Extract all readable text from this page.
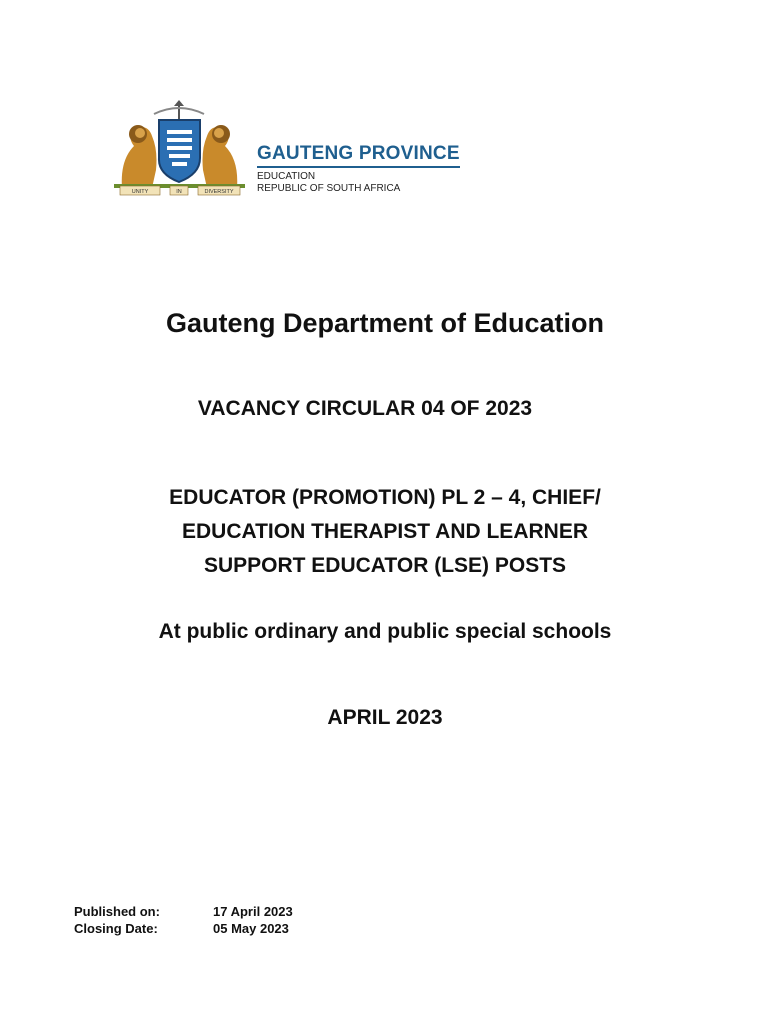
UNITY	IN	DIVERSITY
GAUTENG PROVINCE
EDUCATION
REPUBLIC OF SOUTH AFRICA
Gauteng Department of Education
VACANCY CIRCULAR 04 OF 2023
EDUCATOR (PROMOTION) PL 2 – 4, CHIEF/
EDUCATION THERAPIST AND LEARNER
SUPPORT EDUCATOR (LSE) POSTS
At public ordinary and public special schools
APRIL 2023
Published on:	17 April 2023
Closing Date:	05 May 2023
